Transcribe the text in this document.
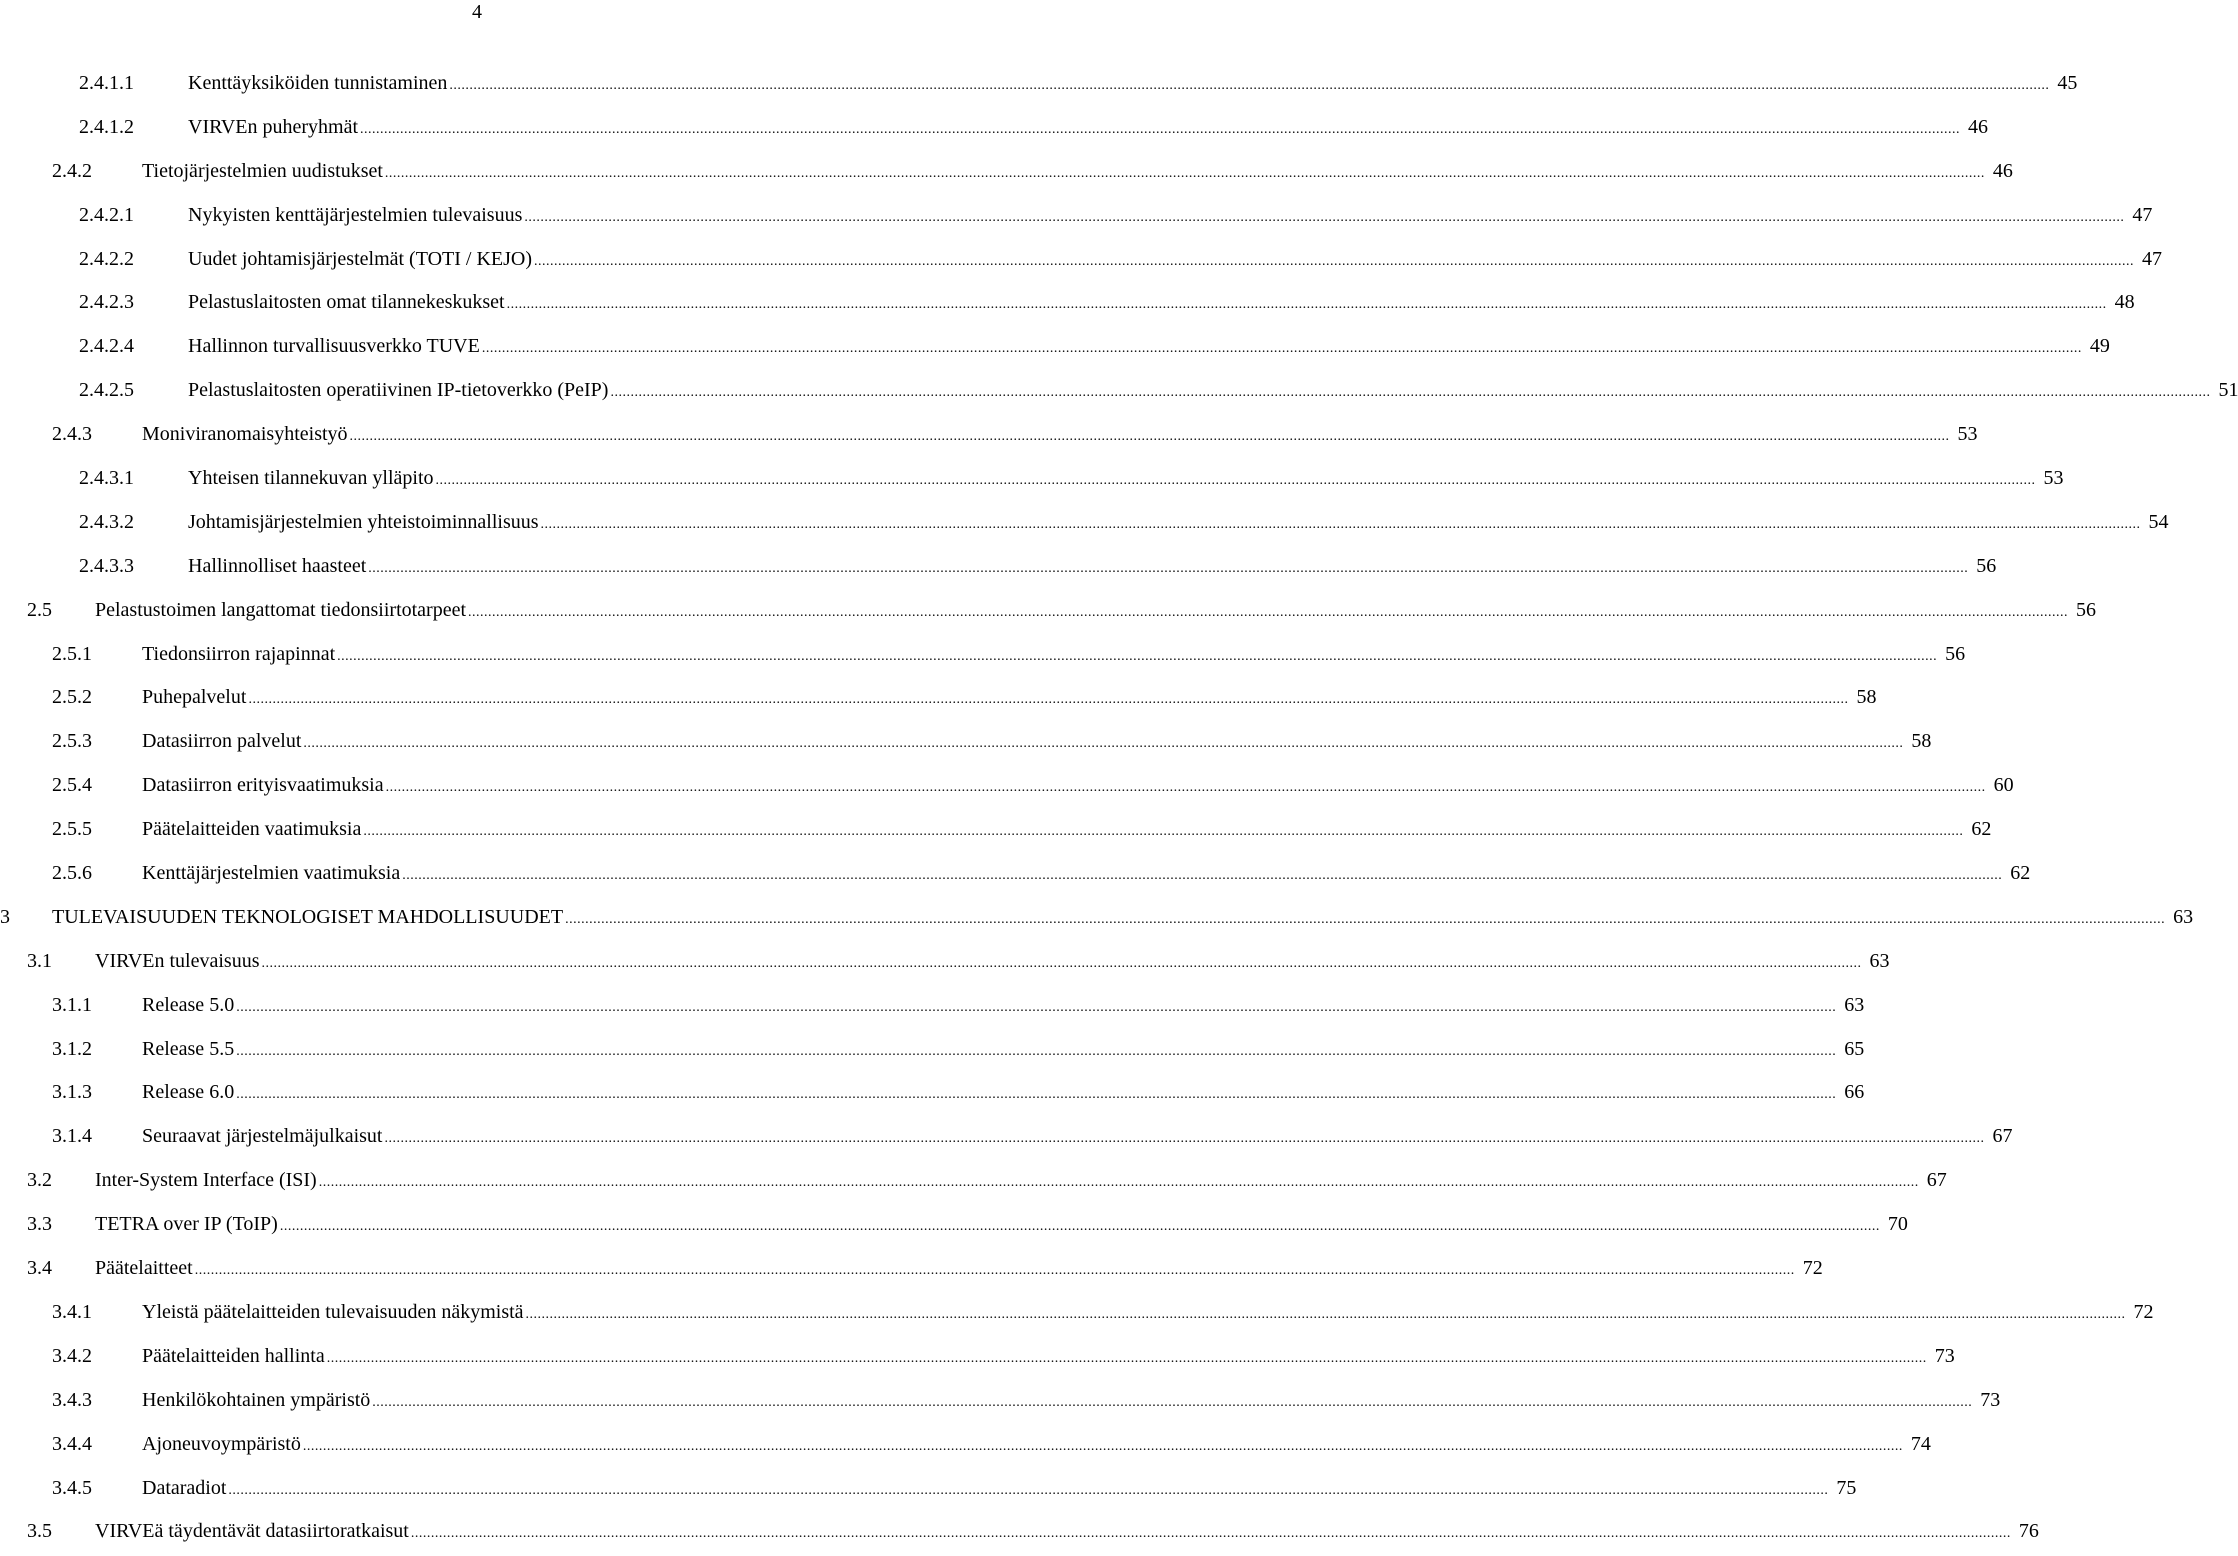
4
2.4.1.1	Kenttäyksiköiden tunnistaminen ................................................................................................................................................................................................................................................................................................................................................................................................................ 45
2.4.1.2	VIRVEn puheryhmät ................................................................................................................................................................................................................................................................................................................................................................................................................ 46
2.4.2	Tietojärjestelmien uudistukset ................................................................................................................................................................................................................................................................................................................................................................................................................ 46
2.4.2.1	Nykyisten kenttäjärjestelmien tulevaisuus ................................................................................................................................................................................................................................................................................................................................................................................................................ 47
2.4.2.2	Uudet johtamisjärjestelmät (TOTI / KEJO) ................................................................................................................................................................................................................................................................................................................................................................................................................ 47
2.4.2.3	Pelastuslaitosten omat tilannekeskukset ................................................................................................................................................................................................................................................................................................................................................................................................................ 48
2.4.2.4	Hallinnon turvallisuusverkko TUVE ................................................................................................................................................................................................................................................................................................................................................................................................................ 49
2.4.2.5	Pelastuslaitosten operatiivinen IP-tietoverkko (PeIP) ................................................................................................................................................................................................................................................................................................................................................................................................................ 51
2.4.3	Moniviranomaisyhteistyö ................................................................................................................................................................................................................................................................................................................................................................................................................ 53
2.4.3.1	Yhteisen tilannekuvan ylläpito ................................................................................................................................................................................................................................................................................................................................................................................................................ 53
2.4.3.2	Johtamisjärjestelmien yhteistoiminnallisuus ................................................................................................................................................................................................................................................................................................................................................................................................................ 54
2.4.3.3	Hallinnolliset haasteet ................................................................................................................................................................................................................................................................................................................................................................................................................ 56
2.5 Pelastustoimen langattomat tiedonsiirtotarpeet ................................................................................................................................................................................................................................................................................................................................................................................................................ 56
2.5.1	Tiedonsiirron rajapinnat ................................................................................................................................................................................................................................................................................................................................................................................................................ 56
2.5.2	Puhepalvelut ................................................................................................................................................................................................................................................................................................................................................................................................................ 58
2.5.3	Datasiirron palvelut ................................................................................................................................................................................................................................................................................................................................................................................................................ 58
2.5.4	Datasiirron erityisvaatimuksia ................................................................................................................................................................................................................................................................................................................................................................................................................ 60
2.5.5	Päätelaitteiden vaatimuksia ................................................................................................................................................................................................................................................................................................................................................................................................................ 62
2.5.6	Kenttäjärjestelmien vaatimuksia ................................................................................................................................................................................................................................................................................................................................................................................................................ 62
3 TULEVAISUUDEN TEKNOLOGISET MAHDOLLISUUDET ................................................................................................................................................................................................................................................................................................................................................................................................................ 63
3.1 VIRVEn tulevaisuus ................................................................................................................................................................................................................................................................................................................................................................................................................ 63
3.1.1	Release 5.0 ................................................................................................................................................................................................................................................................................................................................................................................................................ 63
3.1.2	Release 5.5 ................................................................................................................................................................................................................................................................................................................................................................................................................ 65
3.1.3	Release 6.0 ................................................................................................................................................................................................................................................................................................................................................................................................................ 66
3.1.4	Seuraavat järjestelmäjulkaisut ................................................................................................................................................................................................................................................................................................................................................................................................................ 67
3.2 Inter-System Interface (ISI) ................................................................................................................................................................................................................................................................................................................................................................................................................ 67
3.3 TETRA over IP (ToIP) ................................................................................................................................................................................................................................................................................................................................................................................................................ 70
3.4 Päätelaitteet ................................................................................................................................................................................................................................................................................................................................................................................................................ 72
3.4.1	Yleistä päätelaitteiden tulevaisuuden näkymistä ................................................................................................................................................................................................................................................................................................................................................................................................................ 72
3.4.2	Päätelaitteiden hallinta ................................................................................................................................................................................................................................................................................................................................................................................................................ 73
3.4.3	Henkilökohtainen ympäristö ................................................................................................................................................................................................................................................................................................................................................................................................................ 73
3.4.4	Ajoneuvoympäristö ................................................................................................................................................................................................................................................................................................................................................................................................................ 74
3.4.5	Dataradiot ................................................................................................................................................................................................................................................................................................................................................................................................................ 75
3.5 VIRVEä täydentävät datasiirtoratkaisut ................................................................................................................................................................................................................................................................................................................................................................................................................ 76
